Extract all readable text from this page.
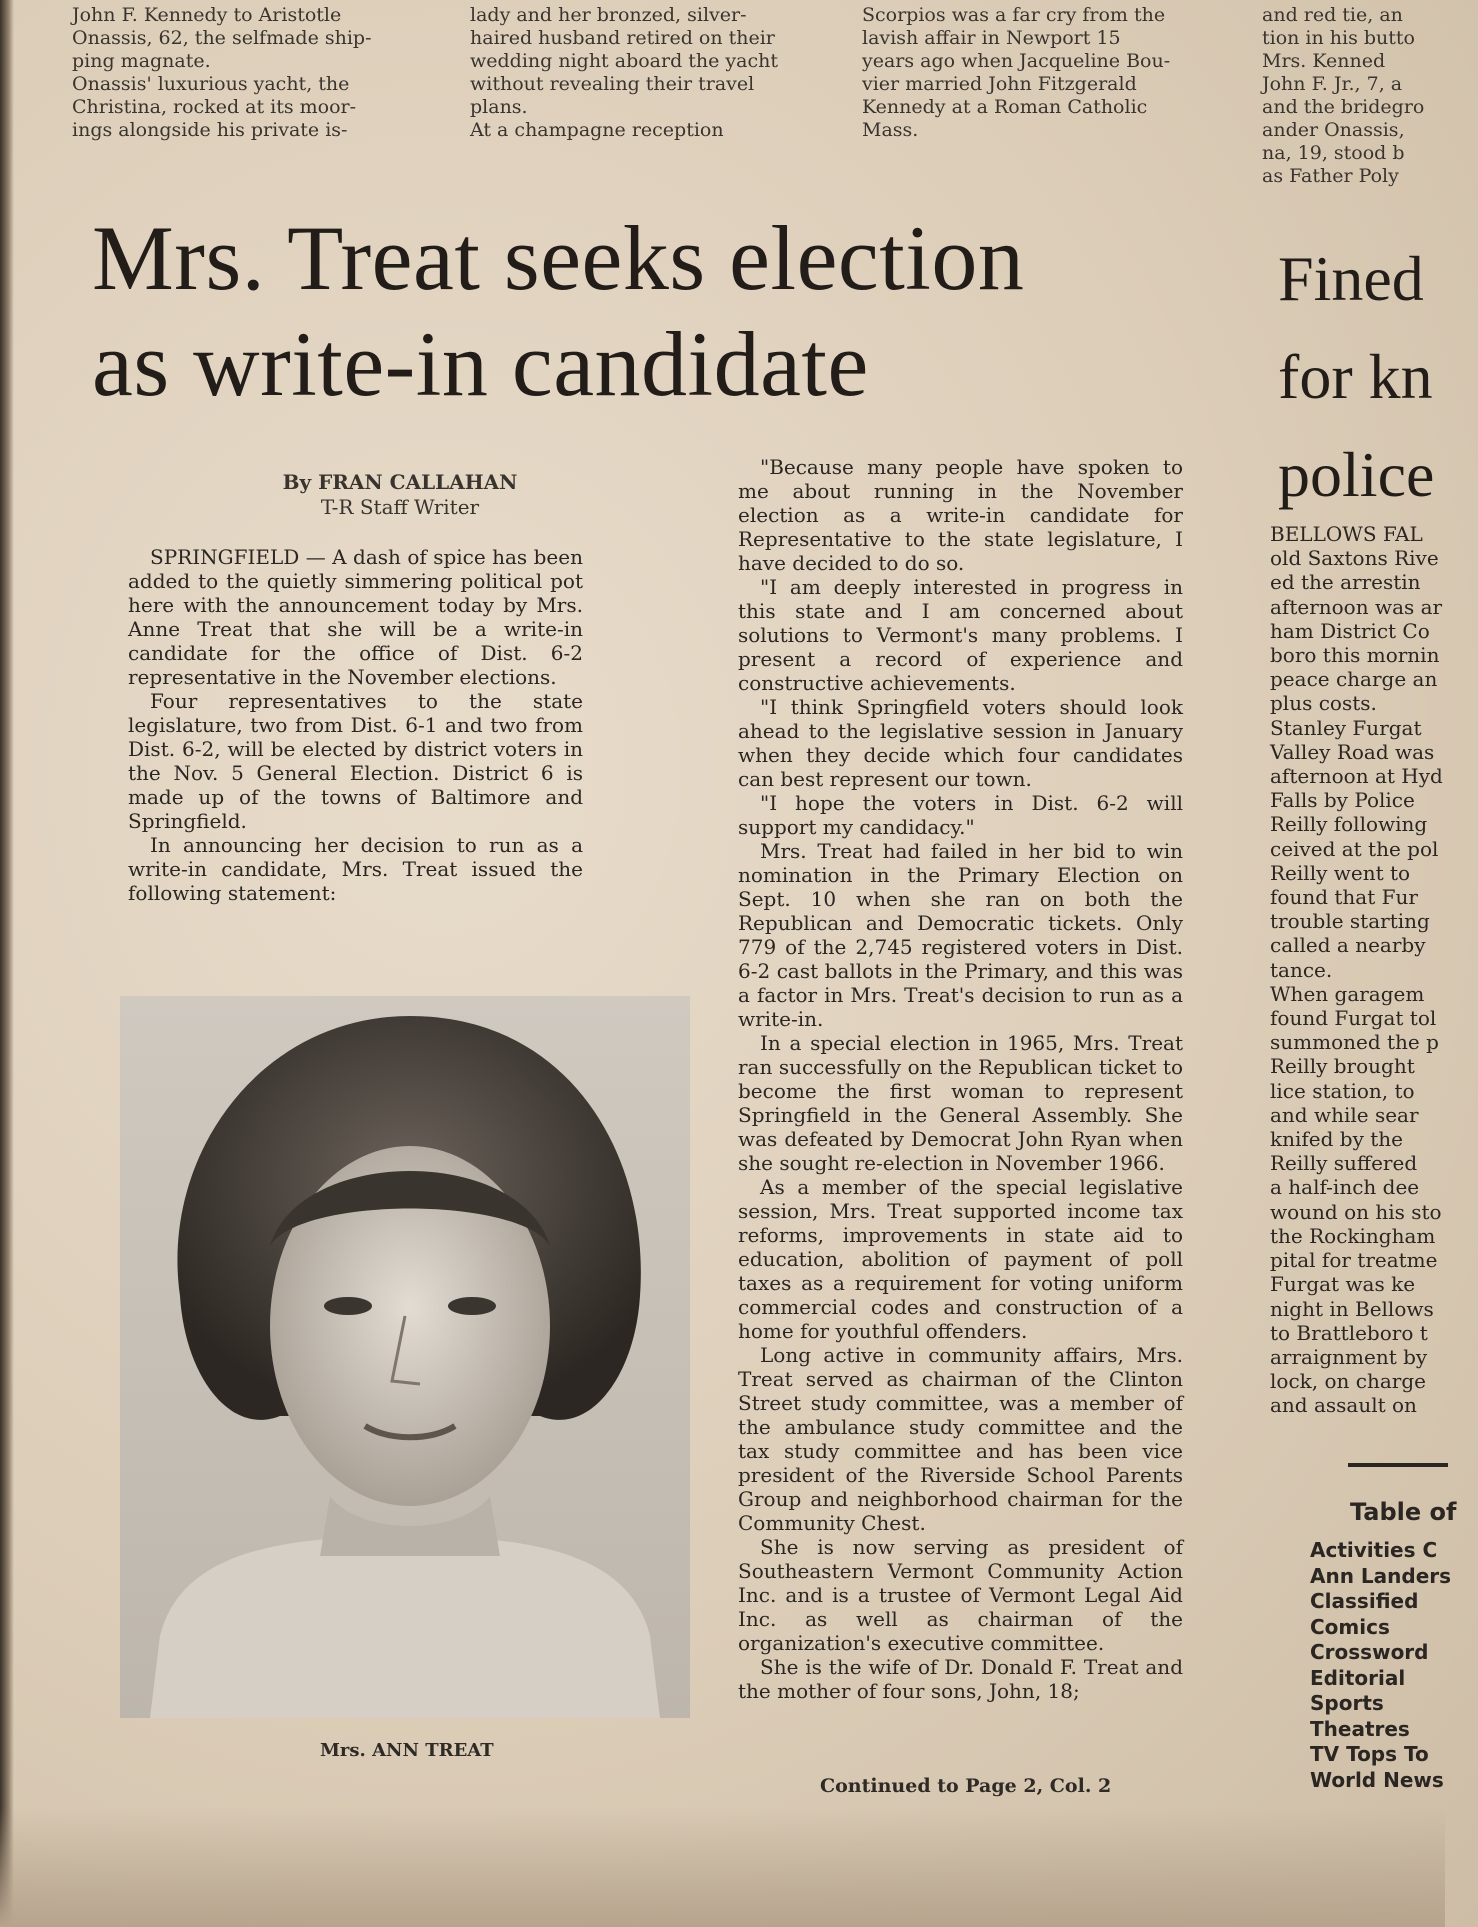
John F. Kennedy to Aristotle
Onassis, 62, the selfmade ship-
ping magnate.
Onassis' luxurious yacht, the
Christina, rocked at its moor-
ings alongside his private is-
lady and her bronzed, silver-
haired husband retired on their
wedding night aboard the yacht
without revealing their travel
plans.
At a champagne reception
Scorpios was a far cry from the
lavish affair in Newport 15
years ago when Jacqueline Bou-
vier married John Fitzgerald
Kennedy at a Roman Catholic
Mass.
and red tie, an
tion in his butto
Mrs. Kenned
John F. Jr., 7, a
and the bridegro
ander Onassis,
na, 19, stood b
as Father Poly
Mrs. Treat seeks election
as write-in candidate
Fined
for kn
police
By FRAN CALLAHAN
T-R Staff Writer

SPRINGFIELD — A dash of spice has been added to the quietly simmering political pot here with the announcement today by Mrs. Anne Treat that she will be a write-in candidate for the office of Dist. 6-2 representative in the November elections.

Four representatives to the state legislature, two from Dist. 6-1 and two from Dist. 6-2, will be elected by district voters in the Nov. 5 General Election. District 6 is made up of the towns of Baltimore and Springfield.

In announcing her decision to run as a write-in candidate, Mrs. Treat issued the following statement:

Mrs. ANN TREAT

"Because many people have spoken to me about running in the November election as a write-in candidate for Representative to the state legislature, I have decided to do so.

"I am deeply interested in progress in this state and I am concerned about solutions to Vermont's many problems. I present a record of experience and constructive achievements.

"I think Springfield voters should look ahead to the legislative session in January when they decide which four candidates can best represent our town.

"I hope the voters in Dist. 6-2 will support my candidacy."

Mrs. Treat had failed in her bid to win nomination in the Primary Election on Sept. 10 when she ran on both the Republican and Democratic tickets. Only 779 of the 2,745 registered voters in Dist. 6-2 cast ballots in the Primary, and this was a factor in Mrs. Treat's decision to run as a write-in.

In a special election in 1965, Mrs. Treat ran successfully on the Republican ticket to become the first woman to represent Springfield in the General Assembly. She was defeated by Democrat John Ryan when she sought re-election in November 1966.

As a member of the special legislative session, Mrs. Treat supported income tax reforms, improvements in state aid to education, abolition of payment of poll taxes as a requirement for voting uniform commercial codes and construction of a home for youthful offenders.

Long active in community affairs, Mrs. Treat served as chairman of the Clinton Street study committee, was a member of the ambulance study committee and the tax study committee and has been vice president of the Riverside School Parents Group and neighborhood chairman for the Community Chest.

She is now serving as president of Southeastern Vermont Community Action Inc. and is a trustee of Vermont Legal Aid Inc. as well as chairman of the organization's executive committee.

She is the wife of Dr. Donald F. Treat and the mother of four sons, John, 18;

Continued to Page 2, Col. 2
BELLOWS FAL
old Saxtons Rive
ed the arrestin
afternoon was ar
ham District Co
boro this mornin
peace charge an
plus costs.
Stanley Furgat
Valley Road was
afternoon at Hyd
Falls by Police
Reilly following
ceived at the pol
Reilly went to
found that Fur
trouble starting
called a nearby
tance.
When garagem
found Furgat tol
summoned the p
Reilly brought
lice station, to
and while sear
knifed by the
Reilly suffered
a half-inch dee
wound on his sto
the Rockingham
pital for treatme
Furgat was ke
night in Bellows
to Brattleboro t
arraignment by
lock, on charge
and assault on
Table of
Activities C
Ann Landers
Classified
Comics
Crossword
Editorial
Sports
Theatres
TV Tops To
World News
